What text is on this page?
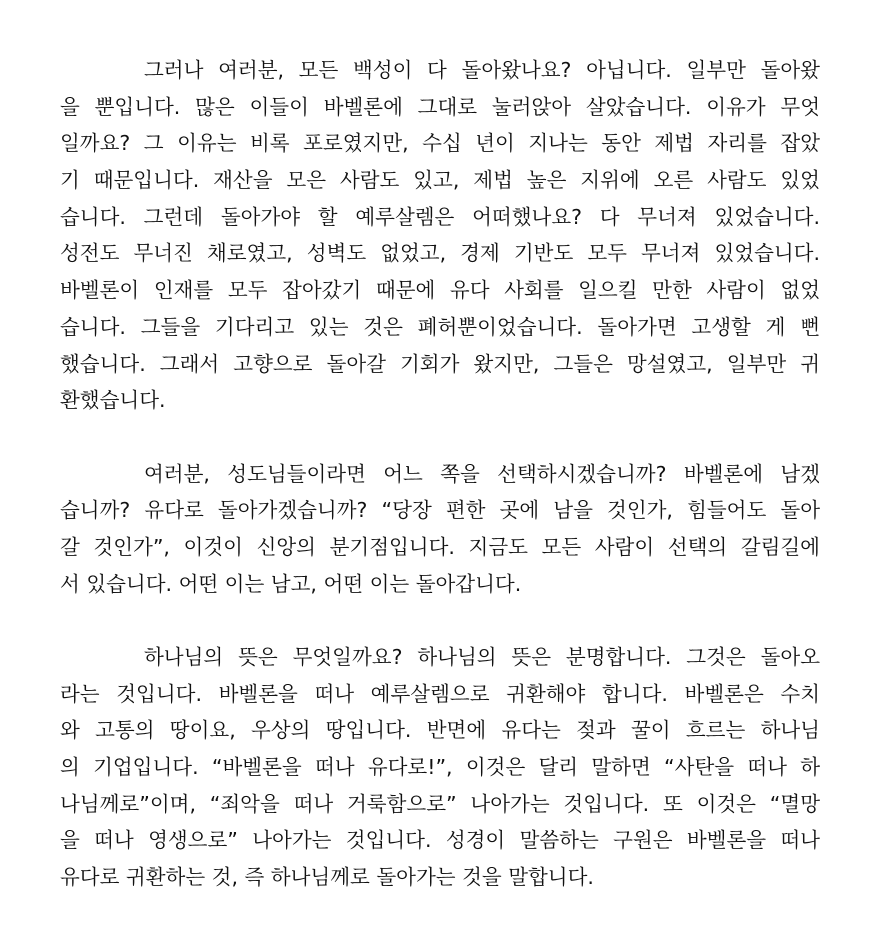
그러나 여러분, 모든 백성이 다 돌아왔나요? 아닙니다. 일부만 돌아왔
을 뿐입니다. 많은 이들이 바벨론에 그대로 눌러앉아 살았습니다. 이유가 무엇
일까요? 그 이유는 비록 포로였지만, 수십 년이 지나는 동안 제법 자리를 잡았
기 때문입니다. 재산을 모은 사람도 있고, 제법 높은 지위에 오른 사람도 있었
습니다. 그런데 돌아가야 할 예루살렘은 어떠했나요? 다 무너져 있었습니다.
성전도 무너진 채로였고, 성벽도 없었고, 경제 기반도 모두 무너져 있었습니다.
바벨론이 인재를 모두 잡아갔기 때문에 유다 사회를 일으킬 만한 사람이 없었
습니다. 그들을 기다리고 있는 것은 폐허뿐이었습니다. 돌아가면 고생할 게 뻔
했습니다. 그래서 고향으로 돌아갈 기회가 왔지만, 그들은 망설였고, 일부만 귀
환했습니다.

여러분, 성도님들이라면 어느 쪽을 선택하시겠습니까? 바벨론에 남겠
습니까? 유다로 돌아가겠습니까? “당장 편한 곳에 남을 것인가, 힘들어도 돌아
갈 것인가”, 이것이 신앙의 분기점입니다. 지금도 모든 사람이 선택의 갈림길에
서 있습니다. 어떤 이는 남고, 어떤 이는 돌아갑니다.

하나님의 뜻은 무엇일까요? 하나님의 뜻은 분명합니다. 그것은 돌아오
라는 것입니다. 바벨론을 떠나 예루살렘으로 귀환해야 합니다. 바벨론은 수치
와 고통의 땅이요, 우상의 땅입니다. 반면에 유다는 젖과 꿀이 흐르는 하나님
의 기업입니다. “바벨론을 떠나 유다로!”, 이것은 달리 말하면 “사탄을 떠나 하
나님께로”이며, “죄악을 떠나 거룩함으로” 나아가는 것입니다. 또 이것은 “멸망
을 떠나 영생으로” 나아가는 것입니다. 성경이 말씀하는 구원은 바벨론을 떠나
유다로 귀환하는 것, 즉 하나님께로 돌아가는 것을 말합니다.
